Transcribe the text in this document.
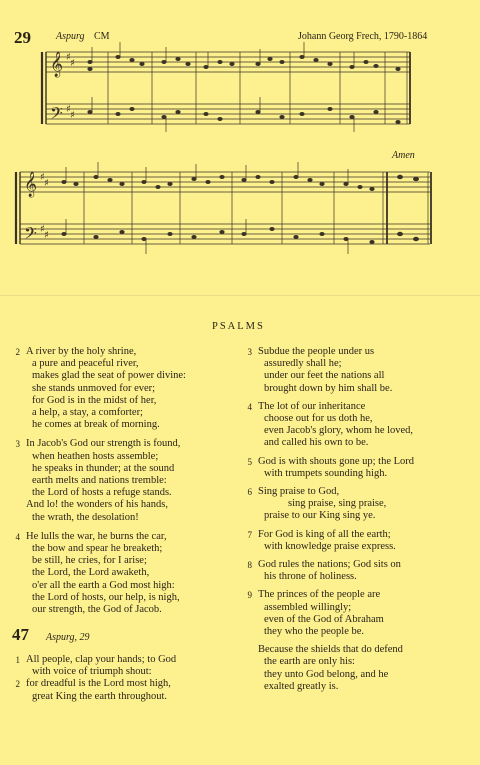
29	Aspurg CM	Johann Georg Frech, 1790-1864
𝄞
𝄢
♯
♯
♯
♯
Amen
𝄞
𝄢
♯
♯
♯
♯
PSALMS
2 A river by the holy shrine,
a pure and peaceful river,
makes glad the seat of power divine:
she stands unmoved for ever;
for God is in the midst of her,
a help, a stay, a comforter;
he comes at break of morning.
3 In Jacob's God our strength is found,
when heathen hosts assemble;
he speaks in thunder; at the sound
earth melts and nations tremble:
the Lord of hosts a refuge stands.
And lo! the wonders of his hands,
the wrath, the desolation!
4 He lulls the war, he burns the car,
the bow and spear he breaketh;
be still, he cries, for I arise;
the Lord, the Lord awaketh,
o'er all the earth a God most high:
the Lord of hosts, our help, is nigh,
our strength, the God of Jacob.
47 Aspurg, 29
1 All people, clap your hands; to God
with voice of triumph shout:
2 for dreadful is the Lord most high,
great King the earth throughout.
3 Subdue the people under us
assuredly shall he;
under our feet the nations all
brought down by him shall be.
4 The lot of our inheritance
choose out for us doth he,
even Jacob's glory, whom he loved,
and called his own to be.
5 God is with shouts gone up; the Lord
with trumpets sounding high.
6 Sing praise to God,
sing praise, sing praise,
praise to our King sing ye.
7 For God is king of all the earth;
with knowledge praise express.
8 God rules the nations; God sits on
his throne of holiness.
9 The princes of the people are
assembled willingly;
even of the God of Abraham
they who the people be.
Because the shields that do defend
the earth are only his:
they unto God belong, and he
exalted greatly is.
